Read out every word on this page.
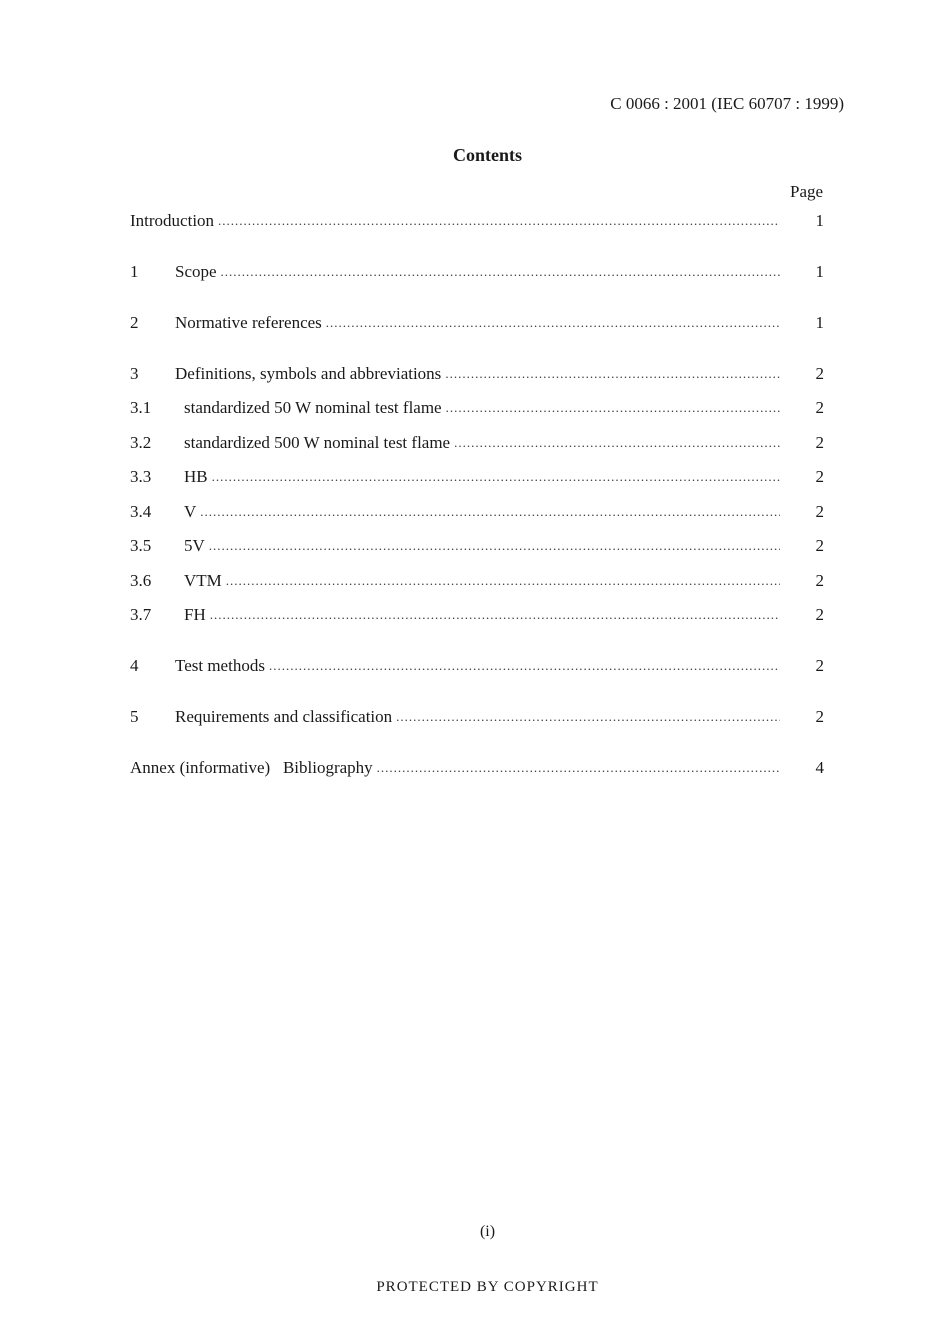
C 0066 : 2001 (IEC 60707 : 1999)
Contents
Page
Introduction .....	1
1	Scope .....	1
2	Normative references .....	1
3	Definitions, symbols and abbreviations .....	2
3.1	standardized 50 W nominal test flame .....	2
3.2	standardized 500 W nominal test flame .....	2
3.3	HB .....	2
3.4	V .....	2
3.5	5V .....	2
3.6	VTM .....	2
3.7	FH .....	2
4	Test methods .....	2
5	Requirements and classification .....	2
Annex (informative)   Bibliography .....	4
(i)
PROTECTED BY COPYRIGHT
